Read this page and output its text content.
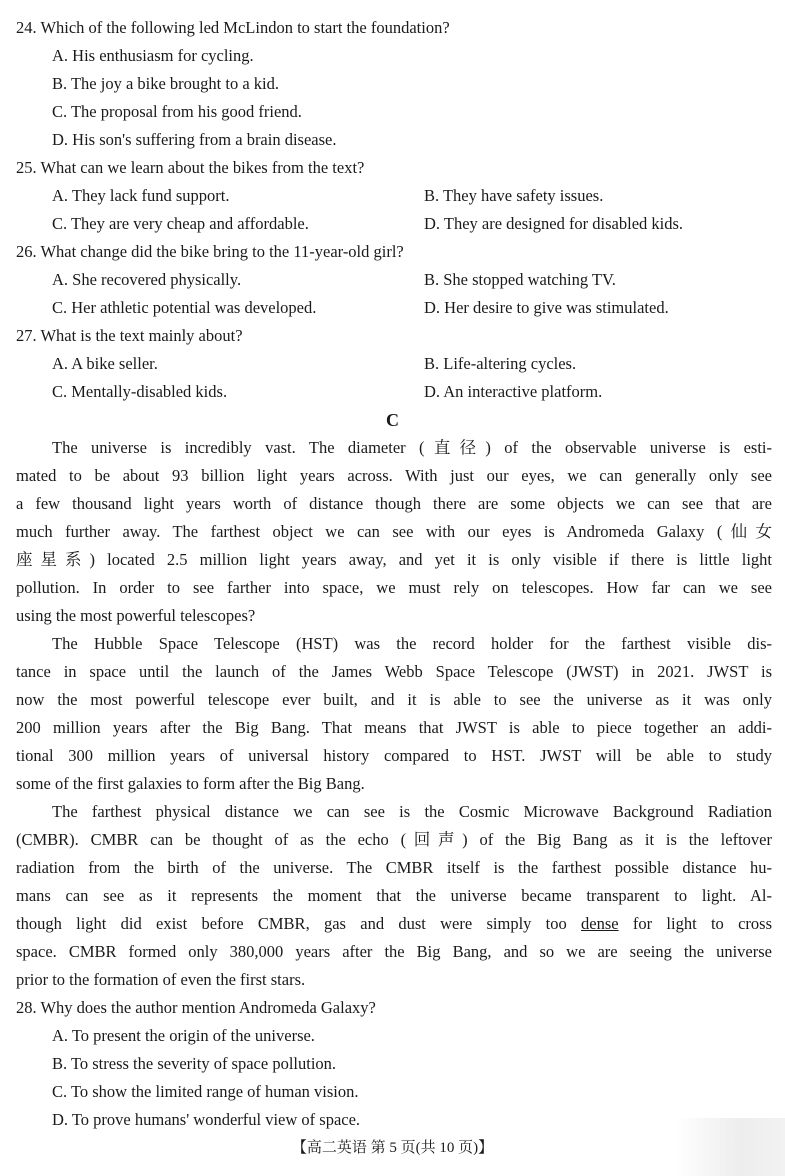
24. Which of the following led McLindon to start the foundation?
A. His enthusiasm for cycling.
B. The joy a bike brought to a kid.
C. The proposal from his good friend.
D. His son's suffering from a brain disease.
25. What can we learn about the bikes from the text?
A. They lack fund support.	B. They have safety issues.
C. They are very cheap and affordable.	D. They are designed for disabled kids.
26. What change did the bike bring to the 11-year-old girl?
A. She recovered physically.	B. She stopped watching TV.
C. Her athletic potential was developed.	D. Her desire to give was stimulated.
27. What is the text mainly about?
A. A bike seller.	B. Life-altering cycles.
C. Mentally-disabled kids.	D. An interactive platform.
C
The universe is incredibly vast. The diameter (直径) of the observable universe is esti-
mated to be about 93 billion light years across. With just our eyes, we can generally only see
a few thousand light years worth of distance though there are some objects we can see that are
much further away. The farthest object we can see with our eyes is Andromeda Galaxy (仙女
座星系) located 2.5 million light years away, and yet it is only visible if there is little light
pollution. In order to see farther into space, we must rely on telescopes. How far can we see
using the most powerful telescopes?
The Hubble Space Telescope (HST) was the record holder for the farthest visible dis-
tance in space until the launch of the James Webb Space Telescope (JWST) in 2021. JWST is
now the most powerful telescope ever built, and it is able to see the universe as it was only
200 million years after the Big Bang. That means that JWST is able to piece together an addi-
tional 300 million years of universal history compared to HST. JWST will be able to study
some of the first galaxies to form after the Big Bang.
The farthest physical distance we can see is the Cosmic Microwave Background Radiation
(CMBR). CMBR can be thought of as the echo (回声) of the Big Bang as it is the leftover
radiation from the birth of the universe. The CMBR itself is the farthest possible distance hu-
mans can see as it represents the moment that the universe became transparent to light. Al-
though light did exist before CMBR, gas and dust were simply too dense for light to cross
space. CMBR formed only 380,000 years after the Big Bang, and so we are seeing the universe
prior to the formation of even the first stars.
28. Why does the author mention Andromeda Galaxy?
A. To present the origin of the universe.
B. To stress the severity of space pollution.
C. To show the limited range of human vision.
D. To prove humans' wonderful view of space.
【高二英语 第 5 页(共 10 页)】
